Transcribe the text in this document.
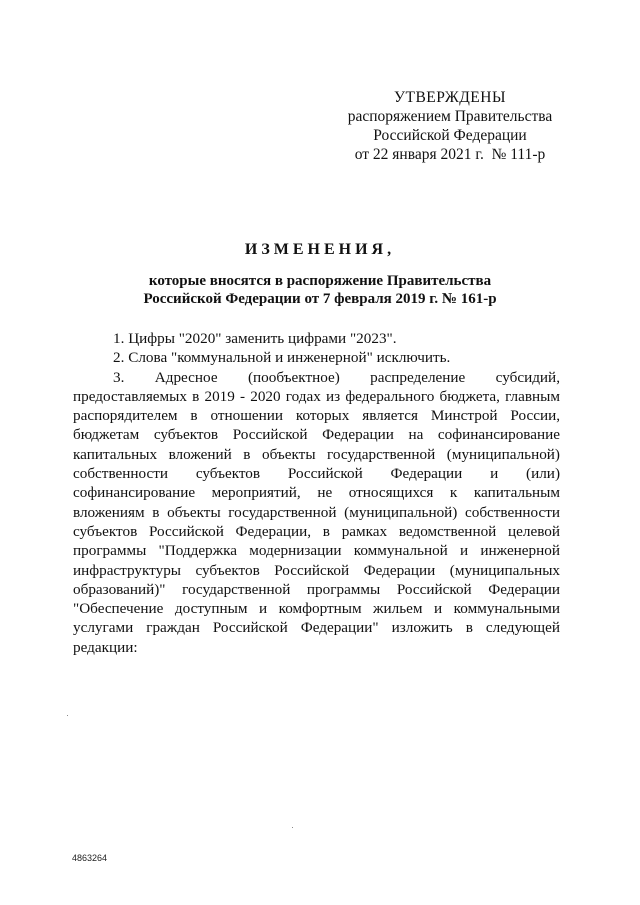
УТВЕРЖДЕНЫ
распоряжением Правительства
Российской Федерации
от 22 января 2021 г.  № 111-р
ИЗМЕНЕНИЯ,
которые вносятся в распоряжение Правительства
Российской Федерации от 7 февраля 2019 г. № 161-р

1. Цифры "2020" заменить цифрами "2023".

2. Слова "коммунальной и инженерной" исключить.

3. Адресное (пообъектное) распределение субсидий, предоставляемых в 2019 - 2020 годах из федерального бюджета, главным распорядителем в отношении которых является Минстрой России, бюджетам субъектов Российской Федерации на софинансирование капитальных вложений в объекты государственной (муниципальной) собственности субъектов Российской Федерации и (или) софинансирование мероприятий, не относящихся к капитальным вложениям в объекты государственной (муниципальной) собственности субъектов Российской Федерации, в рамках ведомственной целевой программы "Поддержка модернизации коммунальной и инженерной инфраструктуры субъектов Российской Федерации (муниципальных образований)" государственной программы Российской Федерации "Обеспечение доступным и комфортным жильем и коммунальными услугами граждан Российской Федерации" изложить в следующей редакции:

4863264
